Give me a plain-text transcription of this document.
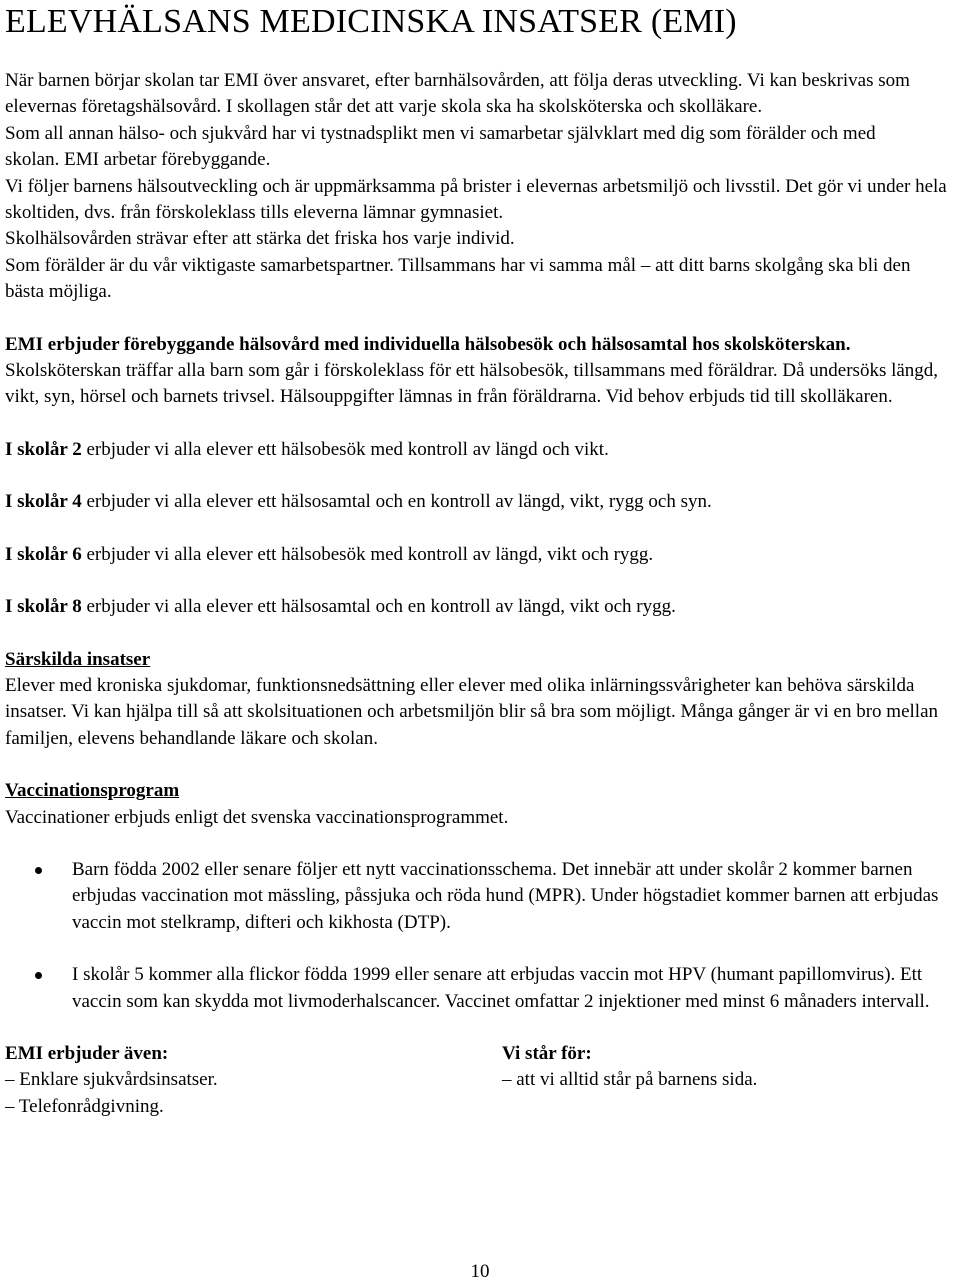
ELEVHÄLSANS MEDICINSKA INSATSER (EMI)

När barnen börjar skolan tar EMI över ansvaret, efter barnhälsovården, att följa deras utveckling. Vi kan beskrivas som elevernas företagshälsovård. I skollagen står det att varje skola ska ha skolsköterska och skolläkare.

Som all annan hälso- och sjukvård har vi tystnadsplikt men vi samarbetar självklart med dig som förälder och med skolan. EMI arbetar förebyggande.

Vi följer barnens hälsoutveckling och är uppmärksamma på brister i elevernas arbetsmiljö och livsstil. Det gör vi under hela skoltiden, dvs. från förskoleklass tills eleverna lämnar gymnasiet.

Skolhälsovården strävar efter att stärka det friska hos varje individ.

Som förälder är du vår viktigaste samarbetspartner. Tillsammans har vi samma mål – att ditt barns skolgång ska bli den bästa möjliga.

EMI erbjuder förebyggande hälsovård med individuella hälsobesök och hälsosamtal hos skolsköterskan.

Skolsköterskan träffar alla barn som går i förskoleklass för ett hälsobesök, tillsammans med föräldrar. Då undersöks längd, vikt, syn, hörsel och barnets trivsel. Hälsouppgifter lämnas in från föräldrarna. Vid behov erbjuds tid till skolläkaren.

I skolår 2 erbjuder vi alla elever ett hälsobesök med kontroll av längd och vikt.

I skolår 4 erbjuder vi alla elever ett hälsosamtal och en kontroll av längd, vikt, rygg och syn.

I skolår 6 erbjuder vi alla elever ett hälsobesök med kontroll av längd, vikt och rygg.

I skolår 8 erbjuder vi alla elever ett hälsosamtal och en kontroll av längd, vikt och rygg.

Särskilda insatser

Elever med kroniska sjukdomar, funktionsnedsättning eller elever med olika inlärningssvårigheter kan behöva särskilda insatser. Vi kan hjälpa till så att skolsituationen och arbetsmiljön blir så bra som möjligt. Många gånger är vi en bro mellan familjen, elevens behandlande läkare och skolan.

Vaccinationsprogram

Vaccinationer erbjuds enligt det svenska vaccinationsprogrammet.

Barn födda 2002 eller senare följer ett nytt vaccinationsschema. Det innebär att under skolår 2 kommer barnen erbjudas vaccination mot mässling, påssjuka och röda hund (MPR). Under högstadiet kommer barnen att erbjudas vaccin mot stelkramp, difteri och kikhosta (DTP).
I skolår 5 kommer alla flickor födda 1999 eller senare att erbjudas vaccin mot HPV (humant papillomvirus). Ett vaccin som kan skydda mot livmoderhalscancer. Vaccinet omfattar 2 injektioner med minst 6 månaders intervall.

EMI erbjuder även:

– Enklare sjukvårdsinsatser.

– Telefonrådgivning.

Vi står för:

– att vi alltid står på barnens sida.

10
